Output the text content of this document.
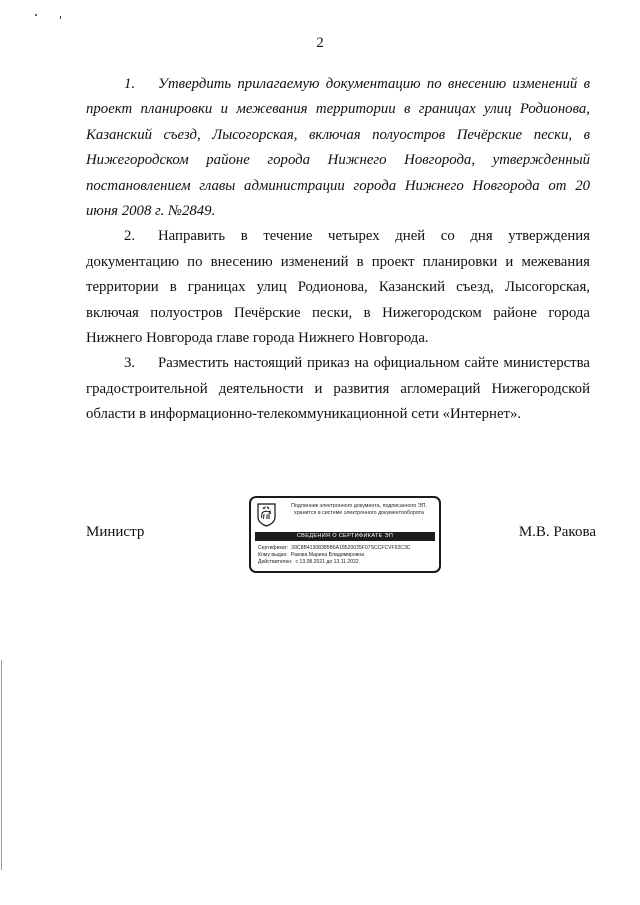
2

1. Утвердить прилагаемую документацию по внесению изменений в проект планировки и межевания территории в границах улиц Родионова, Казанский съезд, Лысогорская, включая полуостров Печёрские пески, в Нижегородском районе города Нижнего Новгорода, утвержденный постановлением главы администрации города Нижнего Новгорода от 20 июня 2008 г. №2849.

2. Направить в течение четырех дней со дня утверждения документацию по внесению изменений в проект планировки и межевания территории в границах улиц Родионова, Казанский съезд, Лысогорская, включая полуостров Печёрские пески, в Нижегородском районе города Нижнего Новгорода главе города Нижнего Новгорода.

3. Разместить настоящий приказ на официальном сайте министерства градостроительной деятельности и развития агломераций Нижегородской области в информационно-телекоммуникационной сети «Интернет».

Министр	М.В. Ракова
Подлинник электронного документа, подписанного ЭП, хранится в системе электронного документооборота
СВЕДЕНИЯ О СЕРТИФИКАТЕ ЭП
Сертификат: 39C8B41308385B6A18520035F07SCCFCVF92C3C
Кому выдан: Ракова Марина Владимировна
Действителен: с 13.08.2021 до 13.11.2022
